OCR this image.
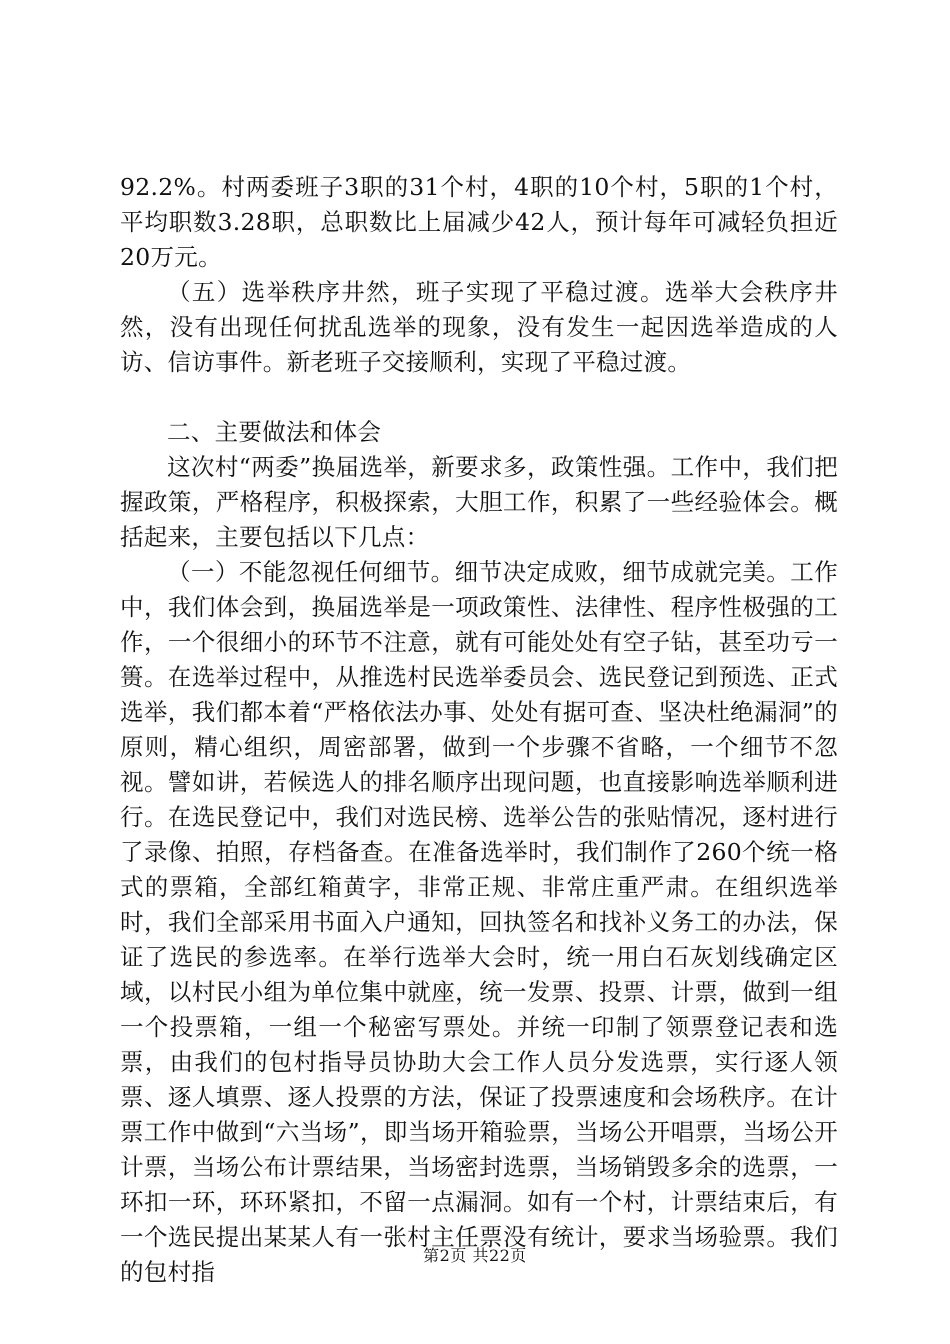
92.2%。村两委班子3职的31个村，4职的10个村，5职的1个村，平均职数3.28职，总职数比上届减少42人，预计每年可减轻负担近20万元。

（五）选举秩序井然，班子实现了平稳过渡。选举大会秩序井然，没有出现任何扰乱选举的现象，没有发生一起因选举造成的人访、信访事件。新老班子交接顺利，实现了平稳过渡。

二、主要做法和体会

这次村“两委”换届选举，新要求多，政策性强。工作中，我们把握政策，严格程序，积极探索，大胆工作，积累了一些经验体会。概括起来，主要包括以下几点：

（一）不能忽视任何细节。细节决定成败，细节成就完美。工作中，我们体会到，换届选举是一项政策性、法律性、程序性极强的工作，一个很细小的环节不注意，就有可能处处有空子钻，甚至功亏一篑。在选举过程中，从推选村民选举委员会、选民登记到预选、正式选举，我们都本着“严格依法办事、处处有据可查、坚决杜绝漏洞”的原则，精心组织，周密部署，做到一个步骤不省略，一个细节不忽视。譬如讲，若候选人的排名顺序出现问题，也直接影响选举顺利进行。在选民登记中，我们对选民榜、选举公告的张贴情况，逐村进行了录像、拍照，存档备查。在准备选举时，我们制作了260个统一格式的票箱，全部红箱黄字，非常正规、非常庄重严肃。在组织选举时，我们全部采用书面入户通知，回执签名和找补义务工的办法，保证了选民的参选率。在举行选举大会时，统一用白石灰划线确定区域，以村民小组为单位集中就座，统一发票、投票、计票，做到一组一个投票箱，一组一个秘密写票处。并统一印制了领票登记表和选票，由我们的包村指导员协助大会工作人员分发选票，实行逐人领票、逐人填票、逐人投票的方法，保证了投票速度和会场秩序。在计票工作中做到“六当场”，即当场开箱验票，当场公开唱票，当场公开计票，当场公布计票结果，当场密封选票，当场销毁多余的选票，一环扣一环，环环紧扣，不留一点漏洞。如有一个村，计票结束后，有一个选民提出某某人有一张村主任票没有统计，要求当场验票。我们的包村指

第2页 共22页
